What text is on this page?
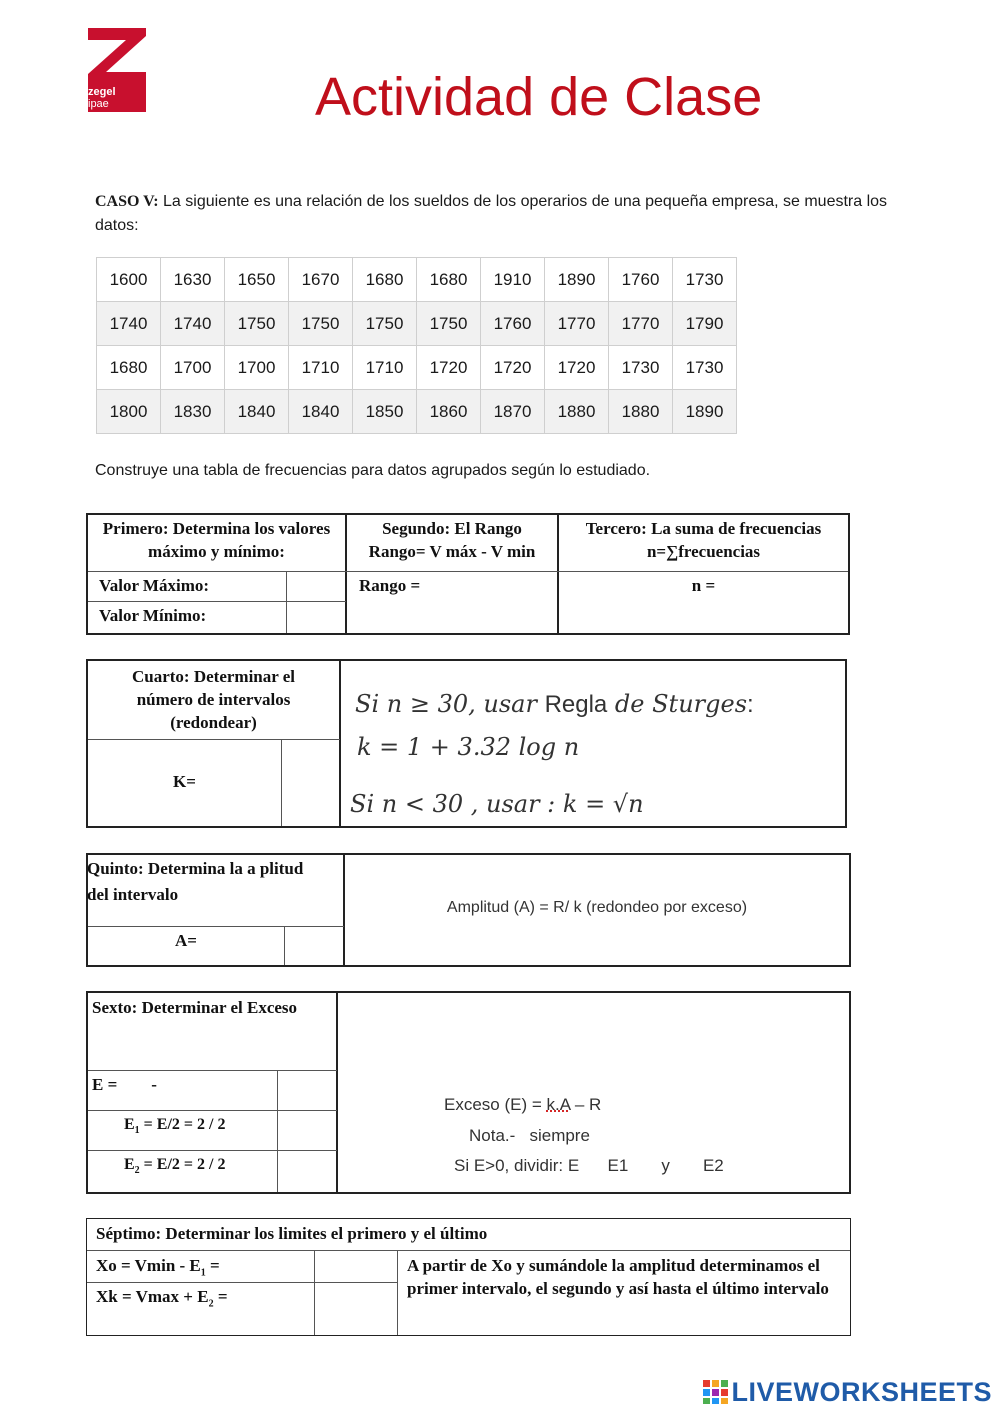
zegel
ipae	Actividad de Clase
CASO V: La siguiente es una relación de los sueldos de los operarios de una pequeña empresa, se muestra los datos:
1600	1630	1650	1670	1680	1680	1910	1890	1760	1730
1740	1740	1750	1750	1750	1750	1760	1770	1770	1790
1680	1700	1700	1710	1710	1720	1720	1720	1730	1730
1800	1830	1840	1840	1850	1860	1870	1880	1880	1890
Construye una tabla de frecuencias para datos agrupados según lo estudiado.
Primero: Determina los valores
máximo y mínimo:
Segundo: El Rango
Rango= V máx - V min
Tercero: La suma de frecuencias
n=∑frecuencias
Valor Máximo:
Valor Mínimo:
Rango =	n =
Cuarto: Determinar el
número de intervalos
(redondear)
K=
Si n ≥ 30, usar Regla de Sturges:
k = 1 + 3.32 log n
Si n < 30 , usar : k = √n
Quinto: Determina la a plitud
del intervalo
A=
Amplitud (A) = R/ k (redondeo por exceso)
Sexto: Determinar el Exceso
E =        -
$E_1 = E/2 = 2 / 2$
$E_2 = E/2 = 2 / 2$
Exceso (E) = k.A – R
Nota.-   siempre
Si E>0, dividir: E      E1       y       E2
Séptimo: Determinar los limites el primero y el último
$Xo = Vmin - E_1$ =
$Xk = Vmax + E_2$ =
A partir de Xo y sumándole la amplitud determinamos el primer intervalo, el segundo y así hasta el último intervalo
LIVEWORKSHEETS
